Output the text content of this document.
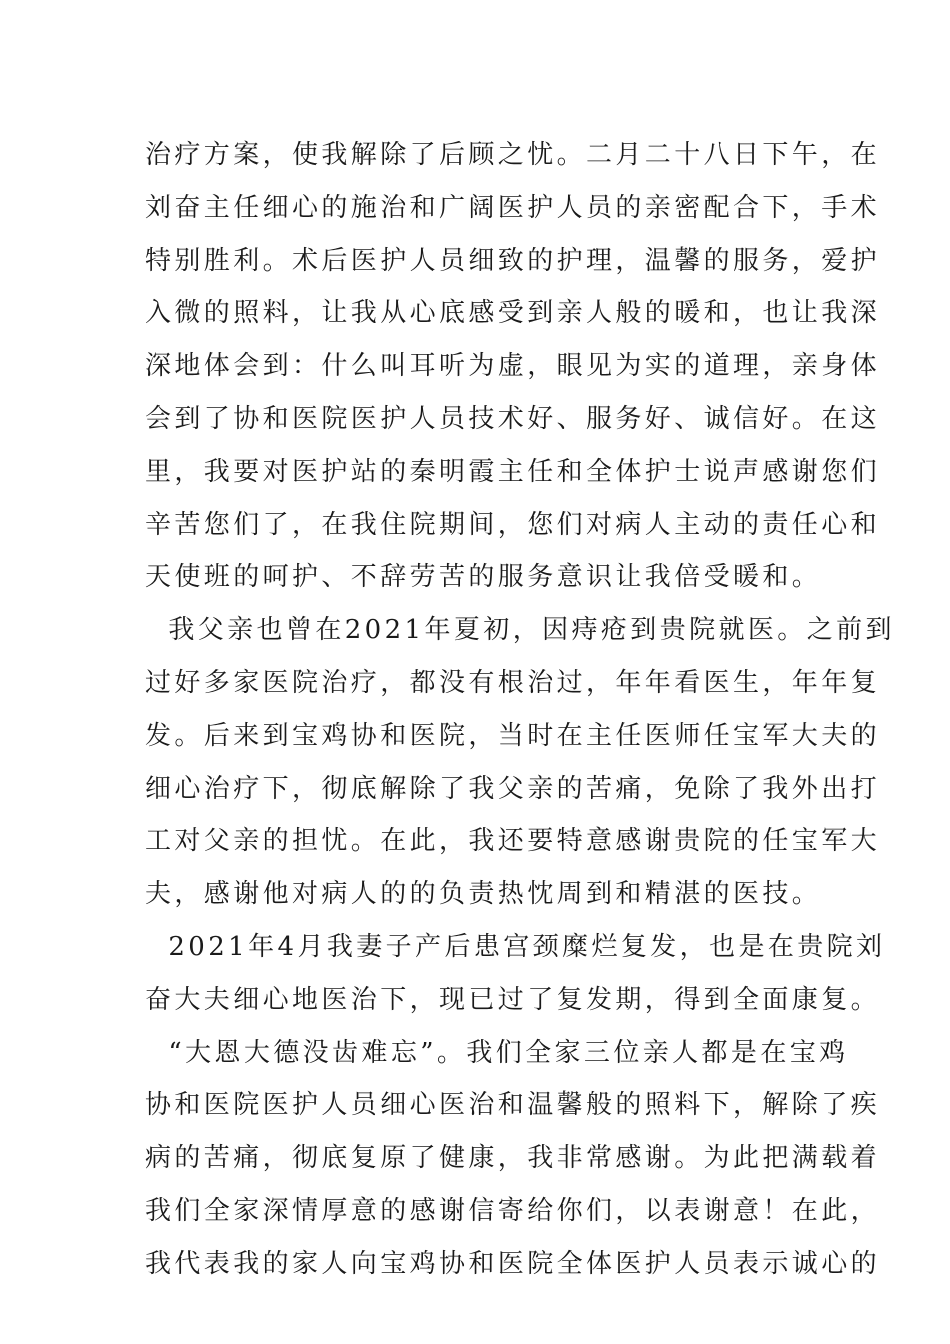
治疗方案，使我解除了后顾之忧。二月二十八日下午，在
刘奋主任细心的施治和广阔医护人员的亲密配合下，手术
特别胜利。术后医护人员细致的护理，温馨的服务，爱护
入微的照料，让我从心底感受到亲人般的暖和，也让我深
深地体会到：什么叫耳听为虚，眼见为实的道理，亲身体
会到了协和医院医护人员技术好、服务好、诚信好。在这
里，我要对医护站的秦明霞主任和全体护士说声感谢您们
辛苦您们了，在我住院期间，您们对病人主动的责任心和
天使班的呵护、不辞劳苦的服务意识让我倍受暖和。
我父亲也曾在2021年夏初，因痔疮到贵院就医。之前到
过好多家医院治疗，都没有根治过，年年看医生，年年复
发。后来到宝鸡协和医院，当时在主任医师任宝军大夫的
细心治疗下，彻底解除了我父亲的苦痛，免除了我外出打
工对父亲的担忧。在此，我还要特意感谢贵院的任宝军大
夫，感谢他对病人的的负责热忱周到和精湛的医技。
2021年4月我妻子产后患宫颈糜烂复发，也是在贵院刘
奋大夫细心地医治下，现已过了复发期，得到全面康复。
“大恩大德没齿难忘”。我们全家三位亲人都是在宝鸡
协和医院医护人员细心医治和温馨般的照料下，解除了疾
病的苦痛，彻底复原了健康，我非常感谢。为此把满载着
我们全家深情厚意的感谢信寄给你们，以表谢意！在此，
我代表我的家人向宝鸡协和医院全体医护人员表示诚心的
